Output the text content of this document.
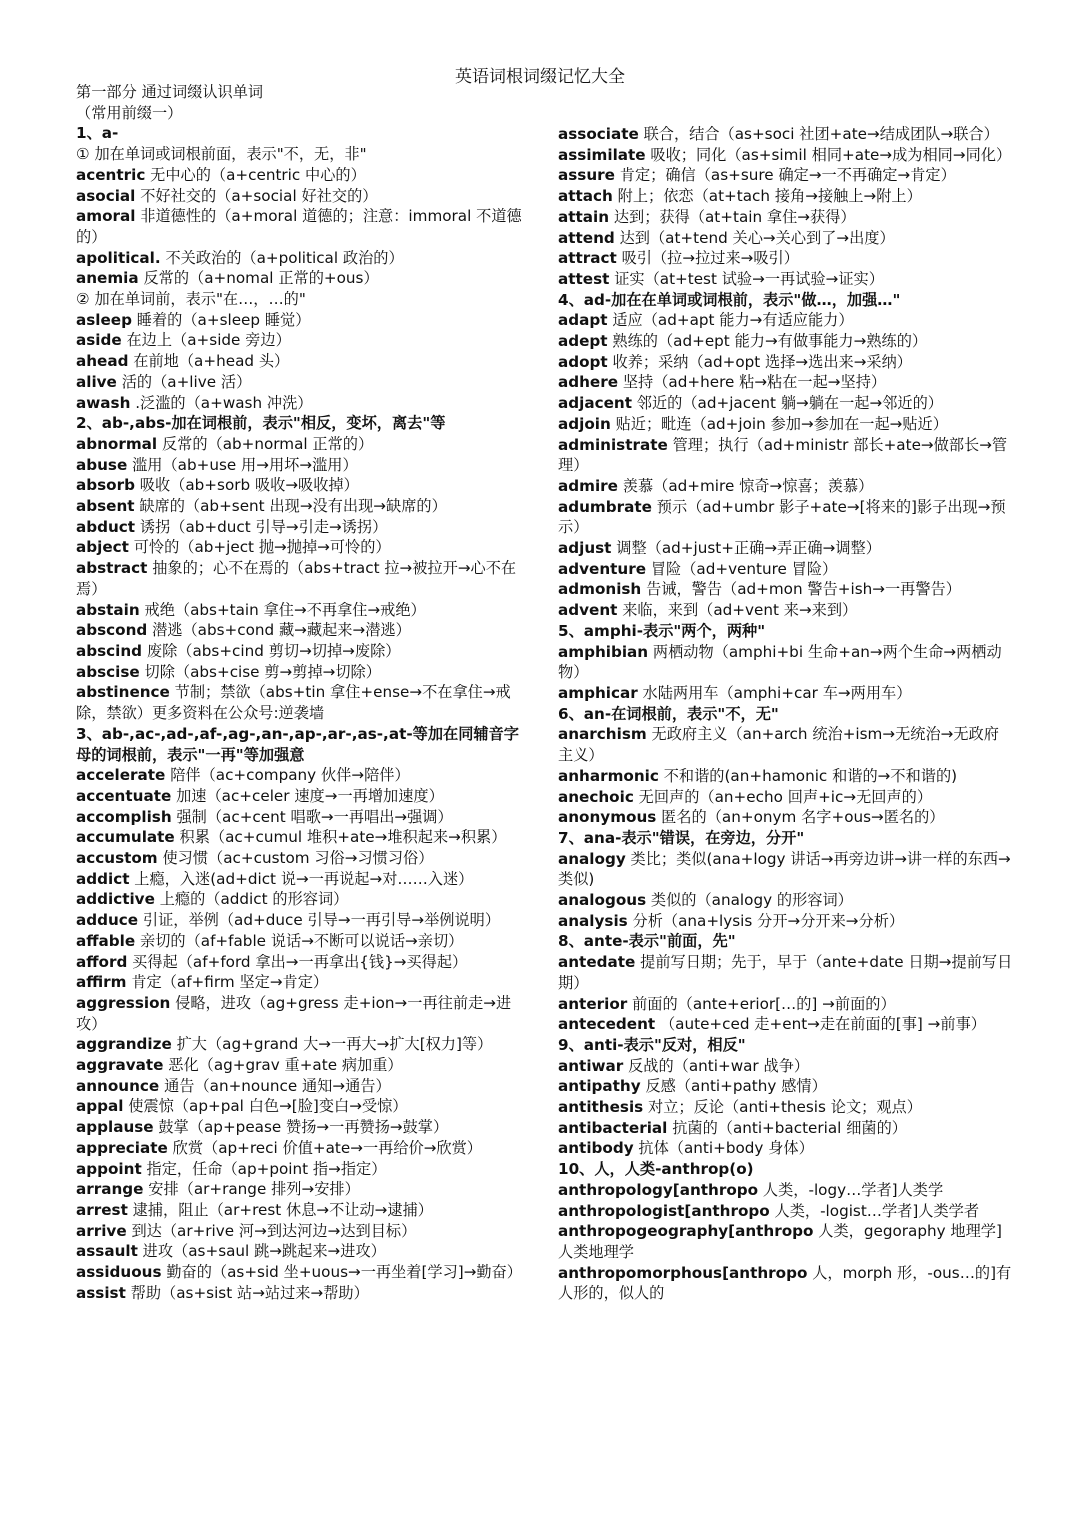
英语词根词缀记忆大全
第一部分 通过词缀认识单词
（常用前缀一）
1、a-
① 加在单词或词根前面，表示"不，无，非"
acentric 无中心的（a+centric 中心的）
asocial 不好社交的（a+social 好社交的）
amoral 非道德性的（a+moral 道德的；注意：immoral 不道德的）
apolitical. 不关政治的（a+political 政治的）
anemia 反常的（a+nomal 正常的+ous）
② 加在单词前，表示"在…，…的"
asleep 睡着的（a+sleep 睡觉）
aside 在边上（a+side 旁边）
ahead 在前地（a+head 头）
alive 活的（a+live 活）
awash .泛滥的（a+wash 冲洗）
2、ab-,abs-加在词根前，表示"相反，变坏，离去"等
abnormal 反常的（ab+normal 正常的）
abuse 滥用（ab+use 用→用坏→滥用）
absorb 吸收（ab+sorb 吸收→吸收掉）
absent 缺席的（ab+sent 出现→没有出现→缺席的）
abduct 诱拐（ab+duct 引导→引走→诱拐）
abject 可怜的（ab+ject 抛→抛掉→可怜的）
abstract 抽象的；心不在焉的（abs+tract 拉→被拉开→心不在焉）
abstain 戒绝（abs+tain 拿住→不再拿住→戒绝）
abscond 潜逃（abs+cond 藏→藏起来→潜逃）
abscind 废除（abs+cind 剪切→切掉→废除）
abscise 切除（abs+cise 剪→剪掉→切除）
abstinence 节制；禁欲（abs+tin 拿住+ense→不在拿住→戒除，禁欲）更多资料在公众号:逆袭墙
3、ab-,ac-,ad-,af-,ag-,an-,ap-,ar-,as-,at-等加在同辅音字母的词根前，表示"一再"等加强意
accelerate 陪伴（ac+company 伙伴→陪伴）
accentuate 加速（ac+celer 速度→一再增加速度）
accomplish 强制（ac+cent 唱歌→一再唱出→强调）
accumulate 积累（ac+cumul 堆积+ate→堆积起来→积累）
accustom 使习惯（ac+custom 习俗→习惯习俗）
addict 上瘾，入迷(ad+dict 说→一再说起→对……入迷）
addictive 上瘾的（addict 的形容词）
adduce 引证，举例（ad+duce 引导→一再引导→举例说明）
affable 亲切的（af+fable 说话→不断可以说话→亲切）
afford 买得起（af+ford 拿出→一再拿出{钱}→买得起）
affirm 肯定（af+firm 坚定→肯定）
aggression 侵略，进攻（ag+gress 走+ion→一再往前走→进攻）
aggrandize 扩大（ag+grand 大→一再大→扩大[权力]等）
aggravate 恶化（ag+grav 重+ate 病加重）
announce 通告（an+nounce 通知→通告）
appal 使震惊（ap+pal 白色→[脸]变白→受惊）
applause 鼓掌（ap+pease 赞扬→一再赞扬→鼓掌）
appreciate 欣赏（ap+reci 价值+ate→一再给价→欣赏）
appoint 指定，任命（ap+point 指→指定）
arrange 安排（ar+range 排列→安排）
arrest 逮捕，阻止（ar+rest 休息→不让动→逮捕）
arrive 到达（ar+rive 河→到达河边→达到目标）
assault 进攻（as+saul 跳→跳起来→进攻）
assiduous 勤奋的（as+sid 坐+uous→一再坐着[学习]→勤奋）
assist 帮助（as+sist 站→站过来→帮助）
associate 联合，结合（as+soci 社团+ate→结成团队→联合）
assimilate 吸收；同化（as+simil 相同+ate→成为相同→同化）
assure 肯定；确信（as+sure 确定→一不再确定→肯定）
attach 附上；依恋（at+tach 接角→接触上→附上）
attain 达到；获得（at+tain 拿住→获得）
attend 达到（at+tend 关心→关心到了→出度）
attract 吸引（拉→拉过来→吸引）
attest 证实（at+test 试验→一再试验→证实）
4、ad-加在在单词或词根前，表示"做…，加强…"
adapt 适应（ad+apt 能力→有适应能力）
adept 熟练的（ad+ept 能力→有做事能力→熟练的）
adopt 收养；采纳（ad+opt 选择→选出来→采纳）
adhere 坚持（ad+here 粘→粘在一起→坚持）
adjacent 邻近的（ad+jacent 躺→躺在一起→邻近的）
adjoin 贴近；毗连（ad+join 参加→参加在一起→贴近）
administrate 管理；执行（ad+ministr 部长+ate→做部长→管理）
admire 羡慕（ad+mire 惊奇→惊喜；羡慕）
adumbrate 预示（ad+umbr 影子+ate→[将来的]影子出现→预示）
adjust 调整（ad+just+正确→弄正确→调整）
adventure 冒险（ad+venture 冒险）
admonish 告诫，警告（ad+mon 警告+ish→一再警告）
advent 来临，来到（ad+vent 来→来到）
5、amphi-表示"两个，两种"
amphibian 两栖动物（amphi+bi 生命+an→两个生命→两栖动物）
amphicar 水陆两用车（amphi+car 车→两用车）
6、an-在词根前，表示"不，无"
anarchism 无政府主义（an+arch 统治+ism→无统治→无政府主义）
anharmonic 不和谐的(an+hamonic 和谐的→不和谐的)
anechoic 无回声的（an+echo 回声+ic→无回声的）
anonymous 匿名的（an+onym 名字+ous→匿名的）
7、ana-表示"错误，在旁边，分开"
analogy 类比；类似(ana+logy 讲话→再旁边讲→讲一样的东西→类似)
analogous 类似的（analogy 的形容词）
analysis 分析（ana+lysis 分开→分开来→分析）
8、ante-表示"前面，先"
antedate 提前写日期；先于，早于（ante+date 日期→提前写日期）
anterior 前面的（ante+erior[…的] →前面的）
antecedent （aute+ced 走+ent→走在前面的[事] →前事）
9、anti-表示"反对，相反"
antiwar 反战的（anti+war 战争）
antipathy 反感（anti+pathy 感情）
antithesis 对立；反论（anti+thesis 论文；观点）
antibacterial 抗菌的（anti+bacterial 细菌的）
antibody 抗体（anti+body 身体）
10、人，人类-anthrop(o)
anthropology[anthropo 人类，-logy…学者]人类学
anthropologist[anthropo 人类，-logist…学者]人类学者
anthropogeography[anthropo 人类，gegoraphy 地理学]人类地理学
anthropomorphous[anthropo 人，morph 形，-ous…的]有人形的，似人的
